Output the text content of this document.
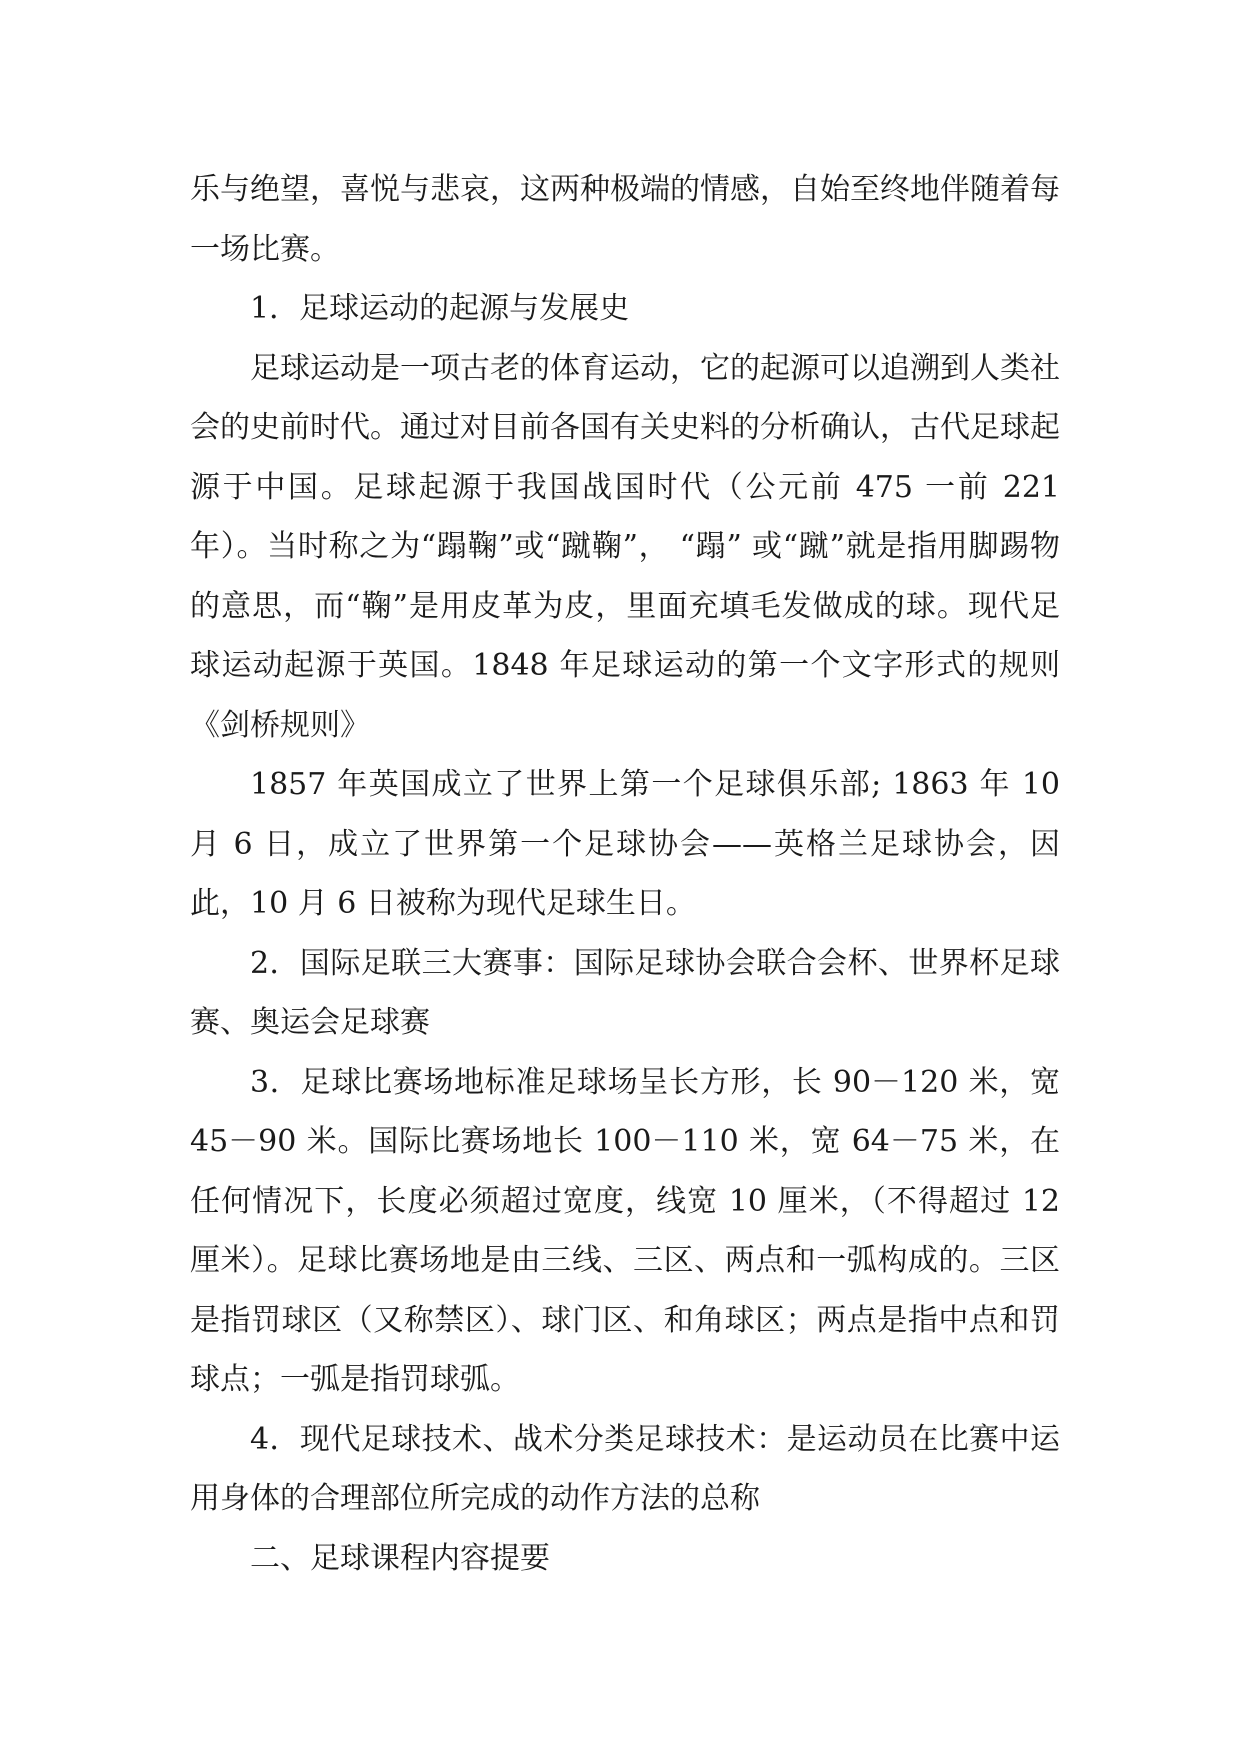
乐与绝望，喜悦与悲哀，这两种极端的情感，自始至终地伴随着每一场比赛。

1．足球运动的起源与发展史

足球运动是一项古老的体育运动，它的起源可以追溯到人类社会的史前时代。通过对目前各国有关史料的分析确认，古代足球起源于中国。足球起源于我国战国时代（公元前 475 一前 221 年）。当时称之为“蹋鞠”或“蹴鞠”， “蹋” 或“蹴”就是指用脚踢物的意思，而“鞠”是用皮革为皮，里面充填毛发做成的球。现代足球运动起源于英国。1848 年足球运动的第一个文字形式的规则《剑桥规则》

1857 年英国成立了世界上第一个足球俱乐部; 1863 年 10 月 6 日，成立了世界第一个足球协会——英格兰足球协会，因此，10 月 6 日被称为现代足球生日。

2．国际足联三大赛事：国际足球协会联合会杯、世界杯足球赛、奥运会足球赛

3．足球比赛场地标准足球场呈长方形，长 90－120 米，宽 45－90 米。国际比赛场地长 100－110 米，宽 64－75 米，在任何情况下，长度必须超过宽度，线宽 10 厘米，（不得超过 12 厘米）。足球比赛场地是由三线、三区、两点和一弧构成的。三区是指罚球区（又称禁区）、球门区、和角球区；两点是指中点和罚球点；一弧是指罚球弧。

4．现代足球技术、战术分类足球技术：是运动员在比赛中运用身体的合理部位所完成的动作方法的总称

二、足球课程内容提要
